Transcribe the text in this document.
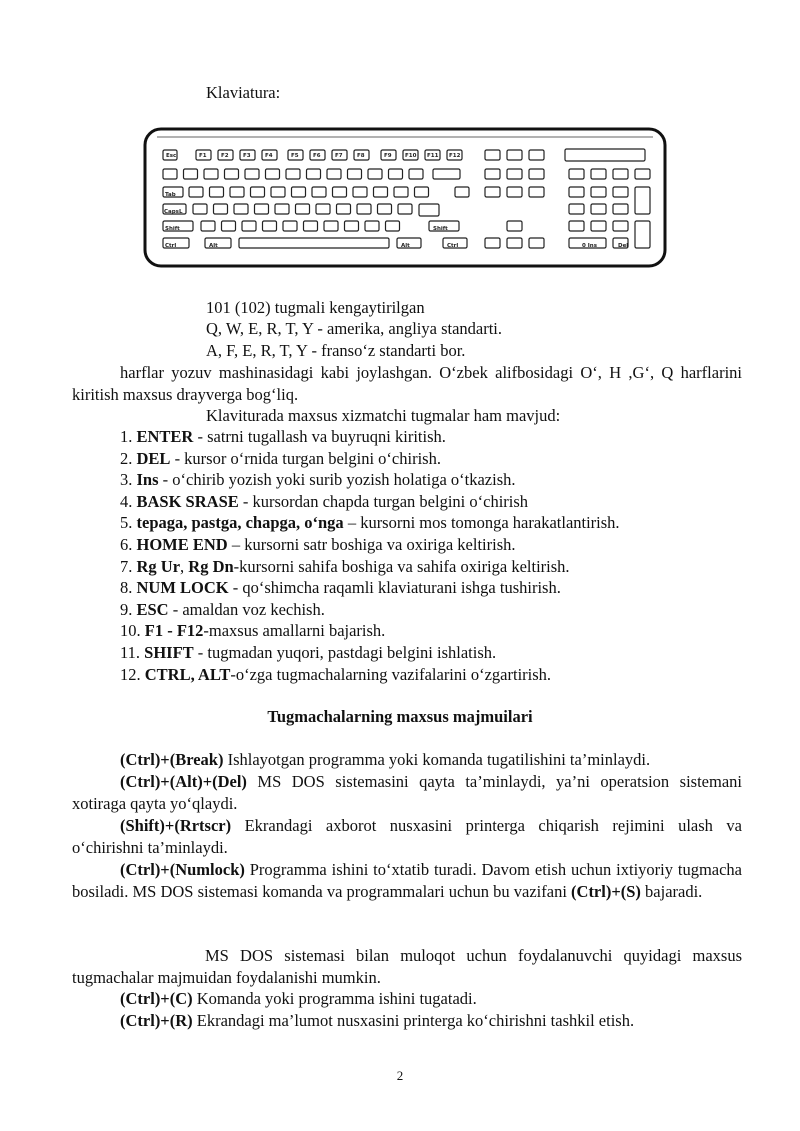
Klaviatura:
Esc	F1	F2	F3	F4	F5	F6	F7	F8	F9 F10 F11 F12
Tab
CapsL
Shift	Shift
Ctrl	Alt	Alt	Ctrl	0 Ins	Del
101 (102) tugmali kengaytirilgan
Q, W, E, R, T, Y - amerika, angliya standarti.
A, F, E, R, T, Y - franso‘z standarti bor.
harflar yozuv mashinasidagi kabi joylashgan. O‘zbek alifbosidagi O‘, H ,G‘, Q harflarini kiritish maxsus drayverga bog‘liq.
Klaviturada maxsus xizmatchi tugmalar ham mavjud:
1. ENTER - satrni tugallash va buyruqni kiritish.
2. DEL - kursor o‘rnida turgan belgini o‘chirish.
3. Ins - o‘chirib yozish yoki surib yozish holatiga o‘tkazish.
4. BASK SRASE - kursordan chapda turgan belgini o‘chirish
5. tepaga, pastga, chapga, o‘nga – kursorni mos tomonga harakatlantirish.
6. HOME END – kursorni satr boshiga va oxiriga keltirish.
7. Rg Ur, Rg Dn-kursorni sahifa boshiga va sahifa oxiriga keltirish.
8. NUM LOCK - qo‘shimcha raqamli klaviaturani ishga tushirish.
9. ESC - amaldan voz kechish.
10. F1 - F12-maxsus amallarni bajarish.
11. SHIFT - tugmadan yuqori, pastdagi belgini ishlatish.
12. CTRL, ALT-o‘zga tugmachalarning vazifalarini o‘zgartirish.
Tugmachalarning maxsus majmuilari
(Ctrl)+(Break) Ishlayotgan programma yoki komanda tugatilishini ta’minlaydi.
(Ctrl)+(Alt)+(Del) MS DOS sistemasini qayta ta’minlaydi, ya’ni operatsion sistemani xotiraga qayta yo‘qlaydi.
(Shift)+(Rrtscr) Ekrandagi axborot nusxasini printerga chiqarish rejimini ulash va o‘chirishni ta’minlaydi.
(Ctrl)+(Numlock) Programma ishini to‘xtatib turadi. Davom etish uchun ixtiyoriy tugmacha bosiladi. MS DOS sistemasi komanda va programmalari uchun bu vazifani (Ctrl)+(S) bajaradi.
MS DOS sistemasi bilan muloqot uchun foydalanuvchi quyidagi maxsus tugmachalar majmuidan foydalanishi mumkin.
(Ctrl)+(C) Komanda yoki programma ishini tugatadi.
(Ctrl)+(R) Ekrandagi ma’lumot nusxasini printerga ko‘chirishni tashkil etish.
2
